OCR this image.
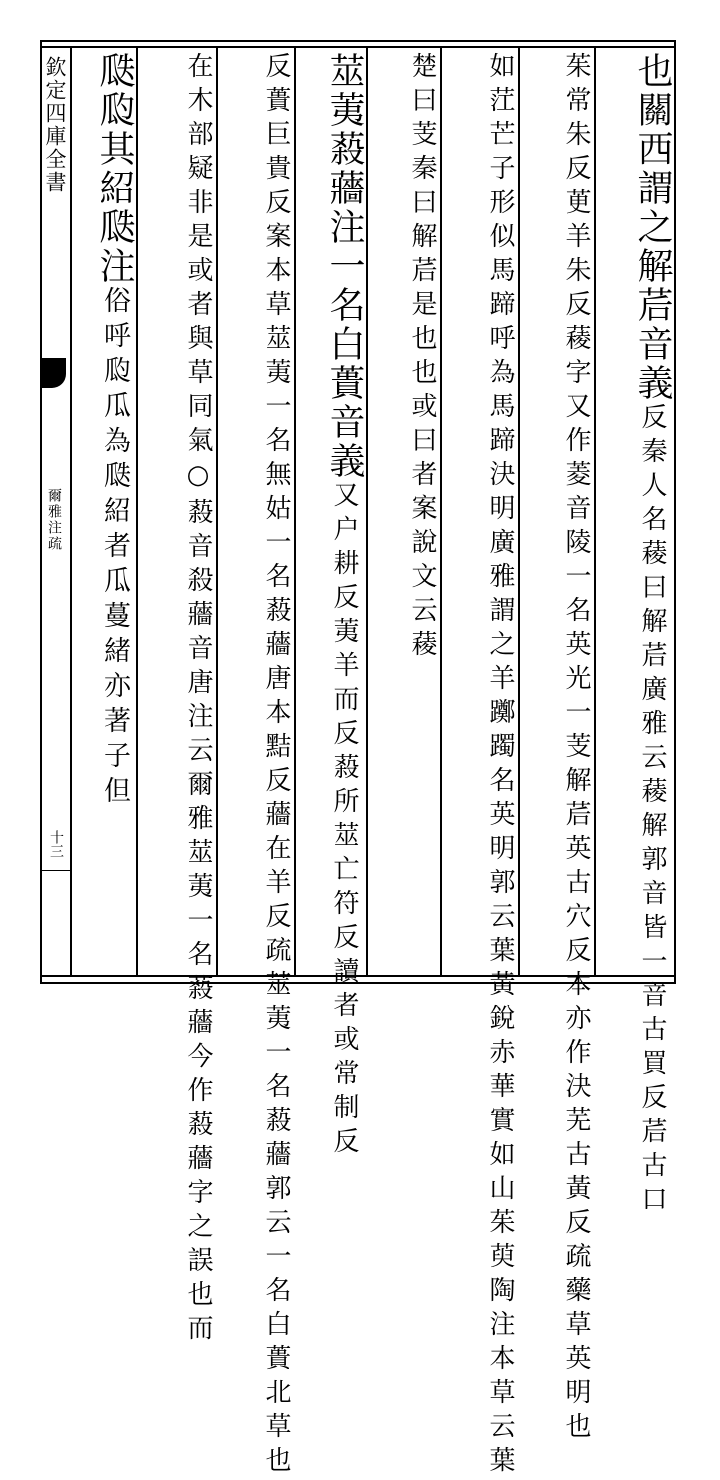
欽定四庫全書
爾雅注疏
十三
也關西謂之解茩音義
解郭音皆一音古買反茩古口
反秦人名薐曰解茩廣雅云薐
芰解茩英古穴反本亦作決芜古黃反疏藥草英明也
茱常朱反茰羊朱反薐字又作菱音陵一名英光一
名英明郭云葉黃銳赤華實如山茱萸陶注本草云葉
如茳芒子形似馬蹄呼為馬蹄決明廣雅謂之羊躑躅
也或曰者案說文云薐
楚曰芰秦曰解茩是也
莁荑蔱蘠注一名白蕢音義
莁亡符反讀者或常制反
又户耕反荑羊而反蔱所
黠反蘠在羊反疏莁荑一名蔱蘠郭云一名白蕢北草也
反蕢巨貴反案本草莁荑一名無姑一名蔱蘠唐本
注云爾雅莁荑一名蔱蘠今作蔱蘠字之誤也而
在木部疑非是或者與草同氣○蔱音殺蘠音唐
瓞瓝其紹瓞注俗呼瓝瓜為瓞紹者瓜蔓緒亦著子但
